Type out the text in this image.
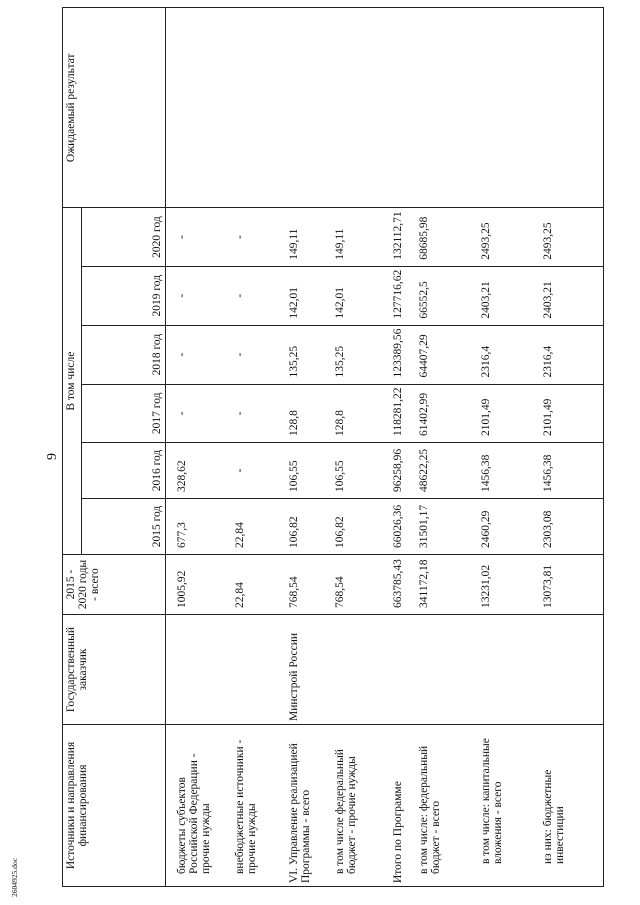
2604925.doc
9
Источники и направления финансирования	Государственный заказчик	2015 - 2020 годы - всего	В том числе						Ожидаемый результат
			2015 год	2016 год	2017 год	2018 год	2019 год	2020 год	
бюджеты субъектов Российской Федерации - прочие нужды		1005,92	677,3	328,62	-	-	-	-	
внебюджетные источники - прочие нужды		22,84	22,84	-	-	-	-	-	
VI. Управление реализацией Программы - всего	Минстрой России	768,54	106,82	106,55	128,8	135,25	142,01	149,11	
в том числе федеральный бюджет - прочие нужды		768,54	106,82	106,55	128,8	135,25	142,01	149,11	
Итого по Программе		663785,43	66026,36	96258,96	118281,22	123389,56	127716,62	132112,71	
в том числе: федеральный бюджет - всего		341172,18	31501,17	48622,25	61402,99	64407,29	66552,5	68685,98	
в том числе: капитальные вложения - всего		13231,02	2460,29	1456,38	2101,49	2316,4	2403,21	2493,25	
из них: бюджетные инвестиции		13073,81	2303,08	1456,38	2101,49	2316,4	2403,21	2493,25	
